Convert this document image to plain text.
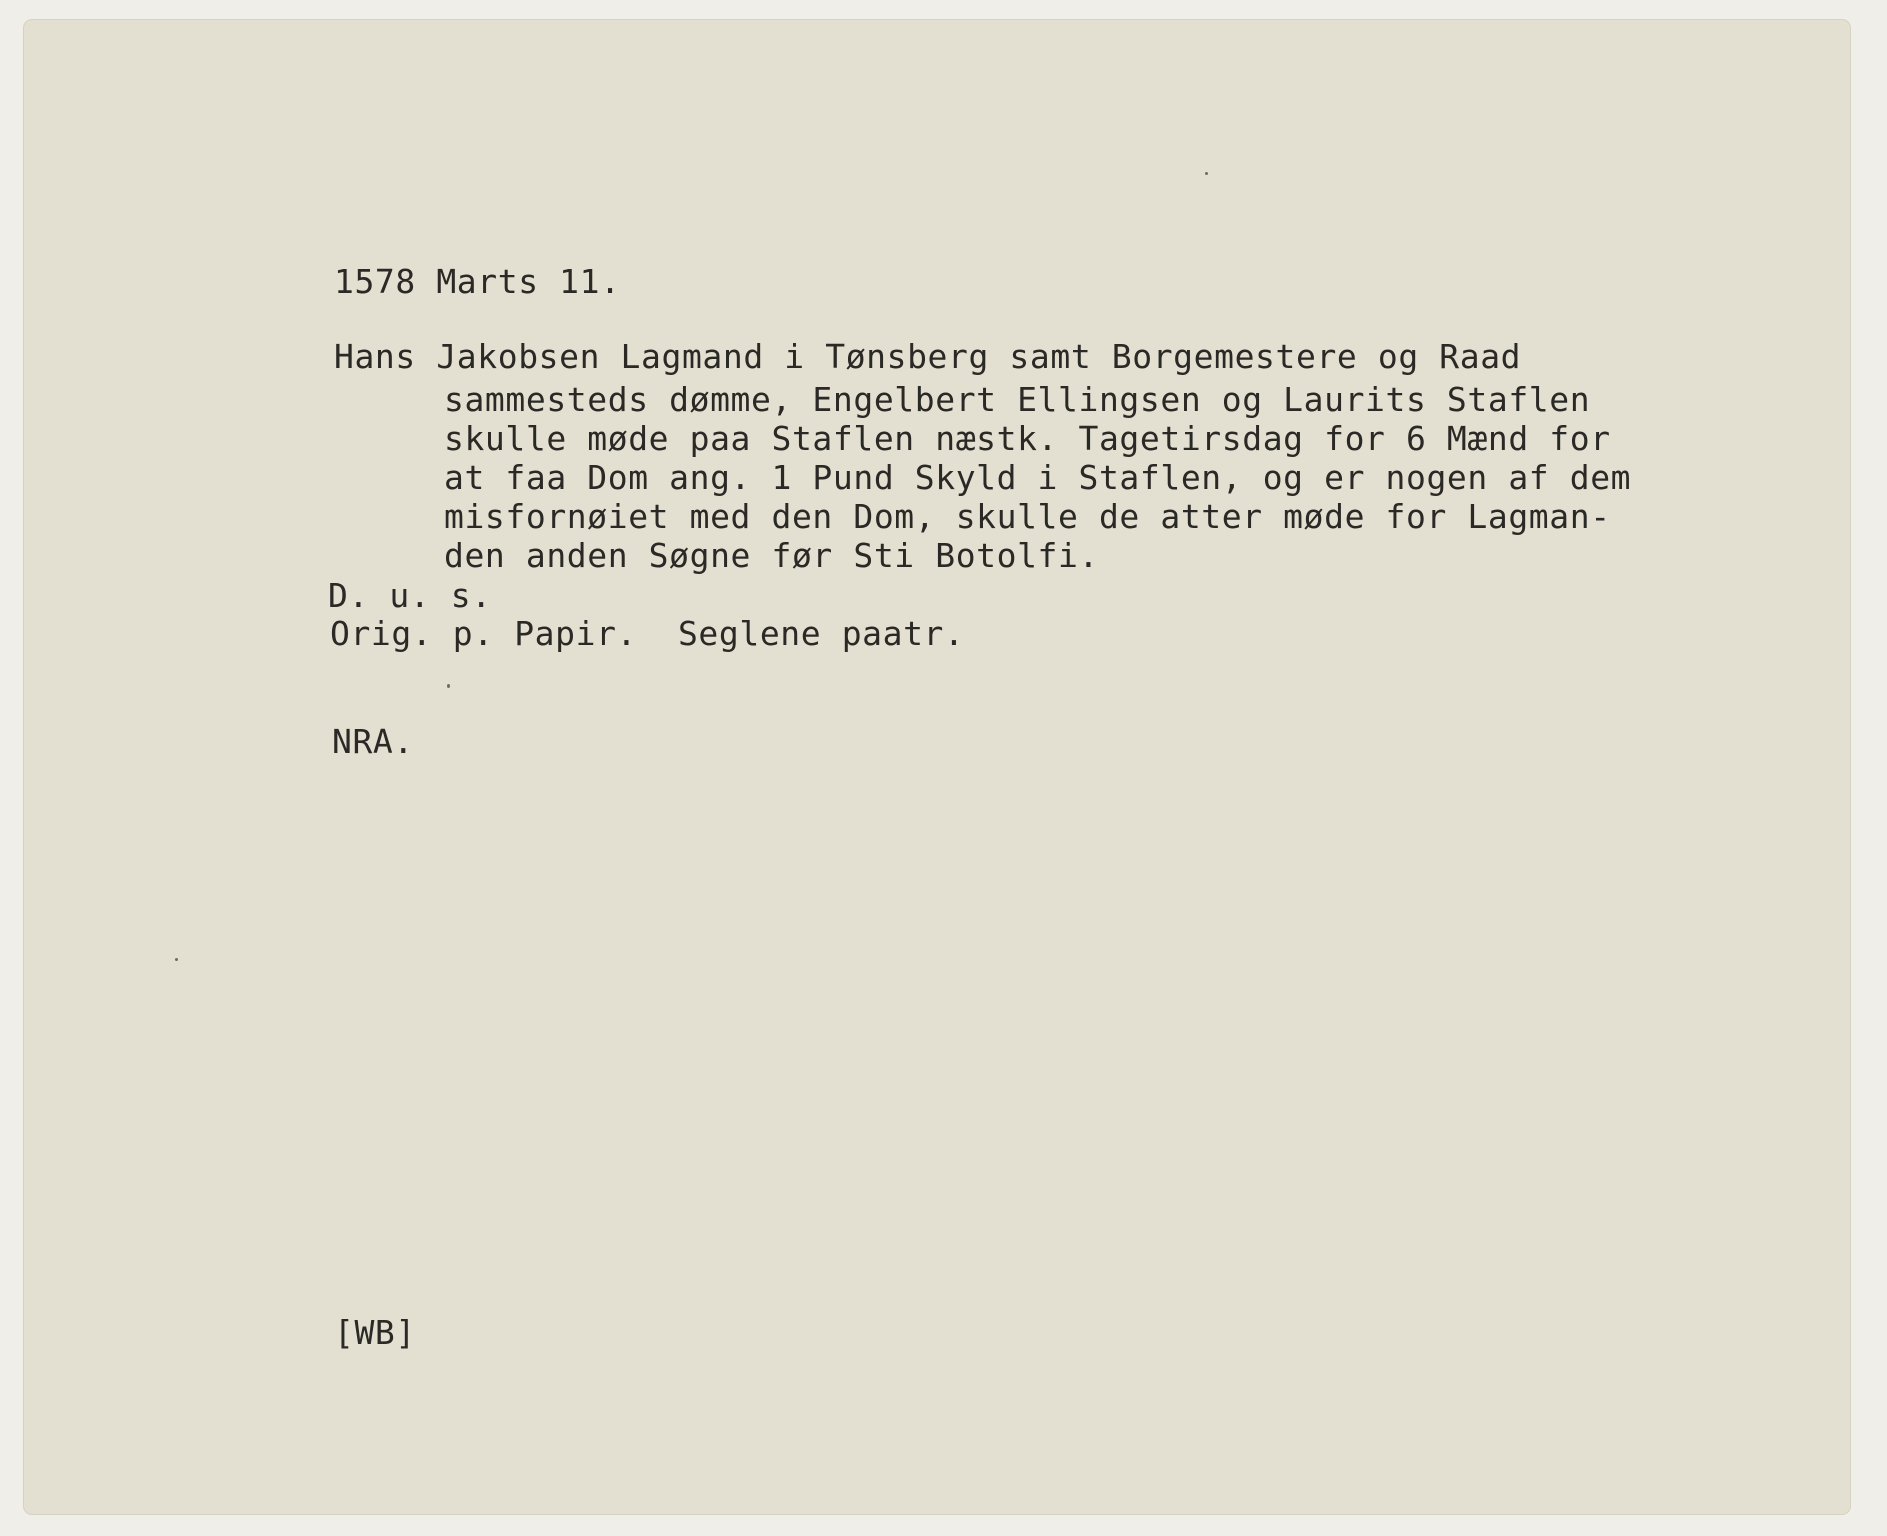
1578 Marts 11.
Hans Jakobsen Lagmand i Tønsberg samt Borgemestere og Raad
sammesteds dømme, Engelbert Ellingsen og Laurits Staflen
skulle møde paa Staflen næstk. Tagetirsdag for 6 Mænd for
at faa Dom ang. 1 Pund Skyld i Staflen, og er nogen af dem
misfornøiet med den Dom, skulle de atter møde for Lagman-
den anden Søgne før Sti Botolfi.
D. u. s.
Orig. p. Papir.  Seglene paatr.
NRA.
[WB]
